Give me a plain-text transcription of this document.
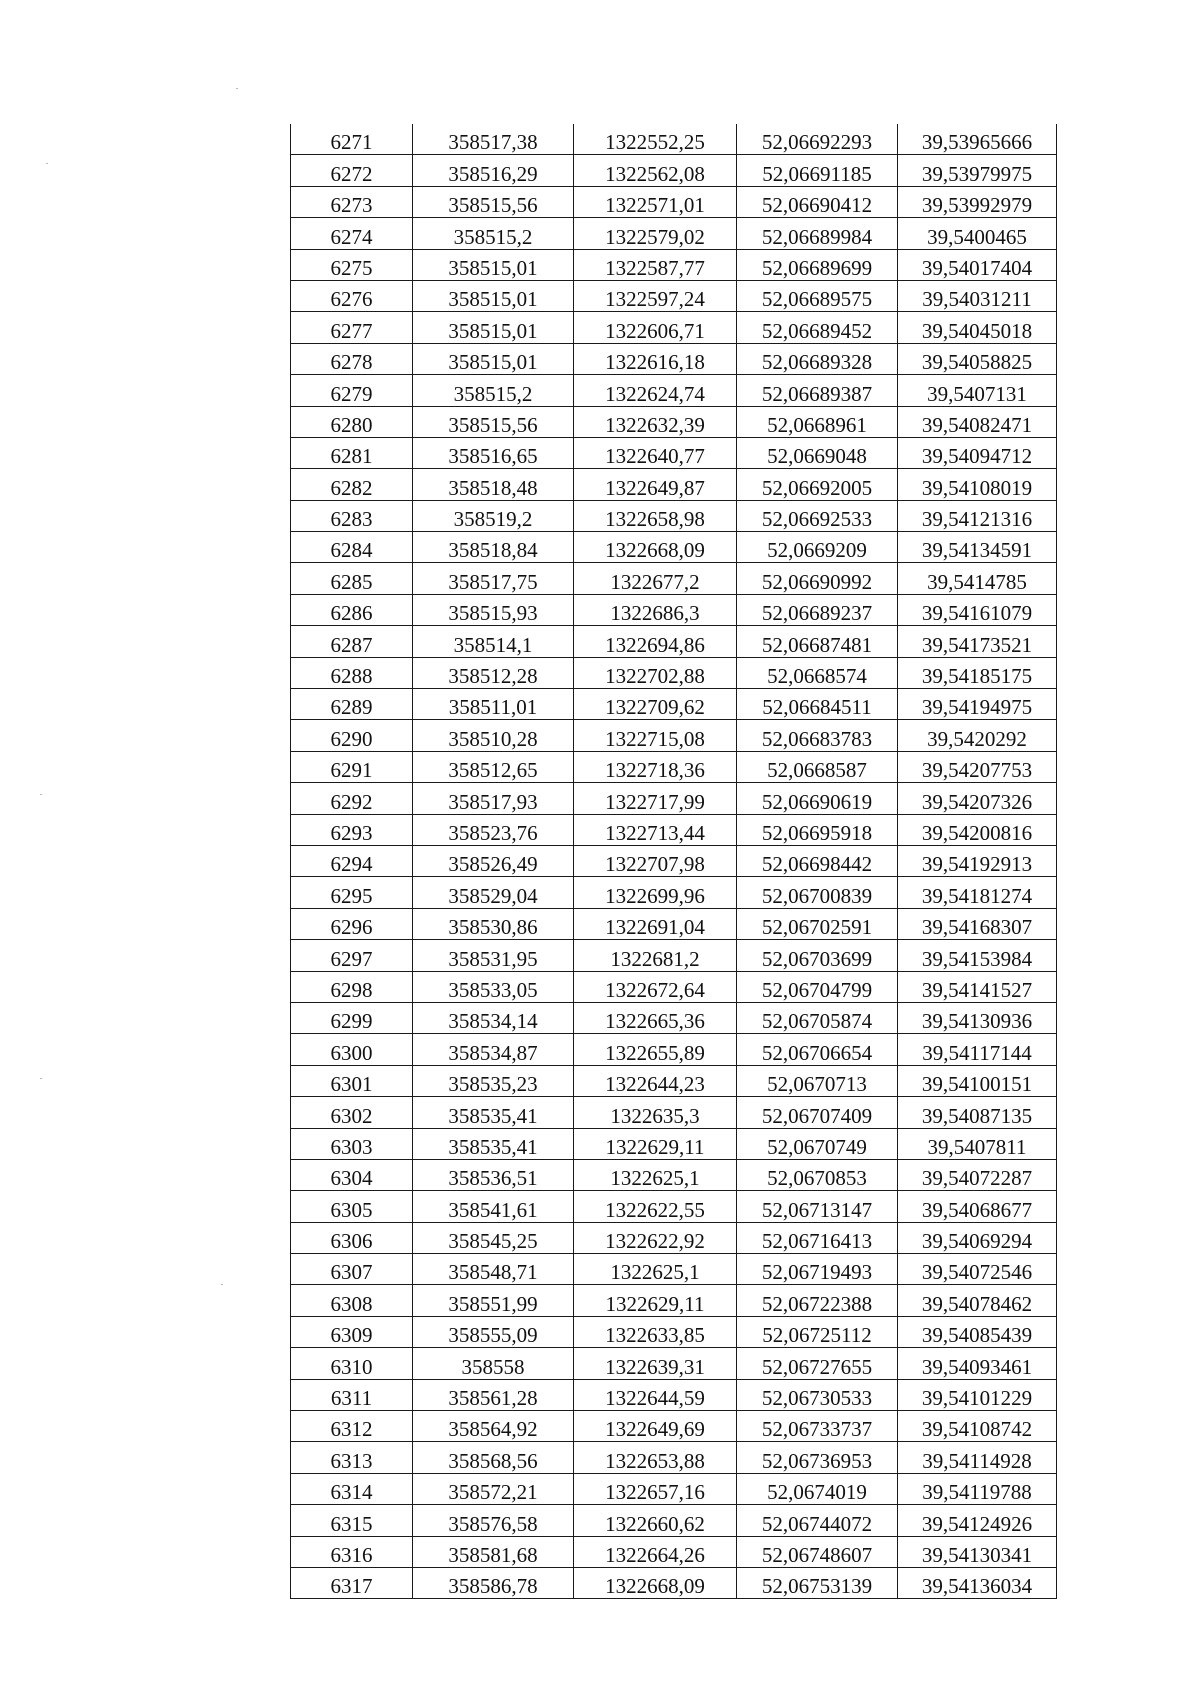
6271	358517,38	1322552,25	52,06692293	39,53965666
6272	358516,29	1322562,08	52,06691185	39,53979975
6273	358515,56	1322571,01	52,06690412	39,53992979
6274	358515,2	1322579,02	52,06689984	39,5400465
6275	358515,01	1322587,77	52,06689699	39,54017404
6276	358515,01	1322597,24	52,06689575	39,54031211
6277	358515,01	1322606,71	52,06689452	39,54045018
6278	358515,01	1322616,18	52,06689328	39,54058825
6279	358515,2	1322624,74	52,06689387	39,5407131
6280	358515,56	1322632,39	52,0668961	39,54082471
6281	358516,65	1322640,77	52,0669048	39,54094712
6282	358518,48	1322649,87	52,06692005	39,54108019
6283	358519,2	1322658,98	52,06692533	39,54121316
6284	358518,84	1322668,09	52,0669209	39,54134591
6285	358517,75	1322677,2	52,06690992	39,5414785
6286	358515,93	1322686,3	52,06689237	39,54161079
6287	358514,1	1322694,86	52,06687481	39,54173521
6288	358512,28	1322702,88	52,0668574	39,54185175
6289	358511,01	1322709,62	52,06684511	39,54194975
6290	358510,28	1322715,08	52,06683783	39,5420292
6291	358512,65	1322718,36	52,0668587	39,54207753
6292	358517,93	1322717,99	52,06690619	39,54207326
6293	358523,76	1322713,44	52,06695918	39,54200816
6294	358526,49	1322707,98	52,06698442	39,54192913
6295	358529,04	1322699,96	52,06700839	39,54181274
6296	358530,86	1322691,04	52,06702591	39,54168307
6297	358531,95	1322681,2	52,06703699	39,54153984
6298	358533,05	1322672,64	52,06704799	39,54141527
6299	358534,14	1322665,36	52,06705874	39,54130936
6300	358534,87	1322655,89	52,06706654	39,54117144
6301	358535,23	1322644,23	52,0670713	39,54100151
6302	358535,41	1322635,3	52,06707409	39,54087135
6303	358535,41	1322629,11	52,0670749	39,5407811
6304	358536,51	1322625,1	52,0670853	39,54072287
6305	358541,61	1322622,55	52,06713147	39,54068677
6306	358545,25	1322622,92	52,06716413	39,54069294
6307	358548,71	1322625,1	52,06719493	39,54072546
6308	358551,99	1322629,11	52,06722388	39,54078462
6309	358555,09	1322633,85	52,06725112	39,54085439
6310	358558	1322639,31	52,06727655	39,54093461
6311	358561,28	1322644,59	52,06730533	39,54101229
6312	358564,92	1322649,69	52,06733737	39,54108742
6313	358568,56	1322653,88	52,06736953	39,54114928
6314	358572,21	1322657,16	52,0674019	39,54119788
6315	358576,58	1322660,62	52,06744072	39,54124926
6316	358581,68	1322664,26	52,06748607	39,54130341
6317	358586,78	1322668,09	52,06753139	39,54136034
